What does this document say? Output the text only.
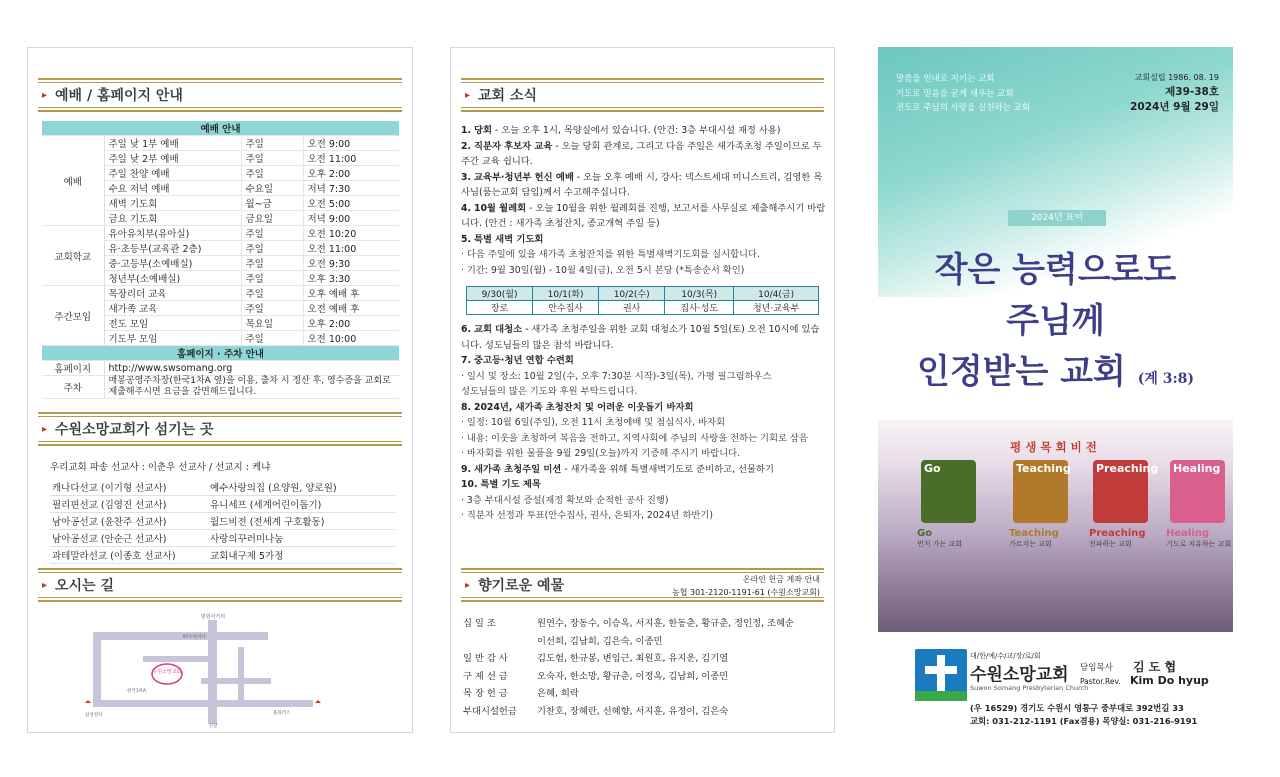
▸ 예배 / 홈페이지 안내
예배 안내			
예배	주일 낮 1부 예배	주일	오전 9:00
	주일 낮 2부 예배	주일	오전 11:00
	주일 찬양 예배	주일	오후 2:00
	수요 저녁 예배	수요일	저녁 7:30
	새벽 기도회	월~금	오전 5:00
	금요 기도회	금요일	저녁 9:00
교회학교	유아유치부(유아실)	주일	오전 10:20
	유·초등부(교육관 2층)	주일	오전 11:00
	중·고등부(소예배실)	주일	오전 9:30
	청년부(소예배실)	주일	오후 3:30
주간모임	목장리더 교육	주일	오후 예배 후
	새가족 교육	주일	오전 예배 후
	전도 모임	목요일	오후 2:00
	기도부 모임	주일	오전 10:00
홈페이지 · 주차 안내			
홈페이지	http://www.swsomang.org		
주차	매봉공영주차장(한국1차A 옆)을 이용, 출차 시 정산 후, 영수증을 교회로 제출해주시면 요금을 감면해드립니다.		
▸ 수원소망교회가 섬기는 곳
우리교회 파송 선교사 : 이춘우 선교사 / 선교지 : 케냐
캐나다선교 (이기형 선교사)	예수사랑의집 (요양원, 양로원)
필리핀선교 (김영진 선교사)	유니세프 (세계어린이돕기)
남아공선교 (윤찬주 선교사)	월드비전 (전세계 구호활동)
남아공선교 (안순근 선교사)	사랑의꾸러미나눔
과테말라선교 (이종호 선교사)	교회내구제 5가정
▸ 오시는 길
수원소망교회
방원사거리
KT수원지사
한국1차A
삼성전자
신갈
홈플러스
▸ 교회 소식
1. 당회 - 오늘 오후 1시, 목양실에서 있습니다. (안건: 3층 부대시설 재정 사용)
2. 직분자 후보자 교육 - 오늘 당회 관계로, 그리고 다음 주일은 새가족초청 주일이므로 두 주간 교육 쉽니다.
3. 교육부·청년부 헌신 예배 - 오늘 오후 예배 시, 강사: 넥스트세대 미니스트리, 김영한 목사님(품는교회 담임)께서 수고해주십니다.
4. 10월 월례회 - 오늘 10월을 위한 월례회를 진행, 보고서를 사무실로 제출해주시기 바랍니다. (안건 : 새가족 초청잔치, 종교개혁 주일 등)
5. 특별 새벽 기도회
· 다음 주일에 있을 새가족 초청잔치를 위한 특별새벽기도회를 실시합니다.
· 기간: 9월 30일(월) - 10월 4일(금), 오전 5시 본당 (*특송순서 확인)
9/30(월)	10/1(화)	10/2(수)	10/3(목)	10/4(금)
장로	안수집사	권사	집사·성도	청년·교육부
6. 교회 대청소 - 새가족 초청주일을 위한 교회 대청소가 10월 5일(토) 오전 10시에 있습니다. 성도님들의 많은 참석 바랍니다.
7. 중고등·청년 연합 수련회
· 일시 및 장소: 10월 2일(수, 오후 7:30분 시작)-3일(목), 가평 필그림하우스
성도님들의 많은 기도와 후원 부탁드립니다.
8. 2024년, 새가족 초청잔치 및 어려운 이웃돕기 바자회
· 일정: 10월 6일(주일), 오전 11시 초청예배 및 점심식사, 바자회
· 내용: 이웃을 초청하여 복음을 전하고, 지역사회에 주님의 사랑을 전하는 기회로 삼음
· 바자회를 위한 물품을 9월 29일(오늘)까지 기증해 주시기 바랍니다.
9. 새가족 초청주일 미션 - 새가족을 위해 특별새벽기도로 준비하고, 선물하기
10. 특별 기도 제목
· 3층 부대시설 증설(재정 확보와 순적한 공사 진행)
· 직분자 선정과 투표(안수집사, 권사, 은퇴자, 2024년 하반기)
▸ 향기로운 예물	온라인 헌금 계좌 안내
농협 301-2120-1191-61 (수원소망교회)
십 일 조	원연수, 장동수, 이승옥, 서지훈, 한동춘, 황규춘, 정인정, 조혜순
이선희, 김남희, 김은숙, 이종민
일 반 감 사	김도험, 한규봉, 변임근, 최원호, 유지운, 김기열
구 제 선 금	오숙자, 한소망, 황규춘, 이정옥, 김남희, 이종민
목 장 헌 금	은혜, 희락
부대시설헌금	기찬호, 장혜란, 신혜향, 서지훈, 유정이, 김은숙
말씀을 인내로 지키는 교회
기도로 믿음을 굳게 세우는 교회
전도로 주님의 사랑을 실천하는 교회
교회설립 1986. 08. 19
제39-38호
2024년 9월 29일
2024년 표어
작은 능력으로도
주님께
인정받는 교회 (계 3:8)
평생목회비전
Go
Go
먼저 가는 교회
Teaching
Teaching
가르치는 교회
Preaching
Preaching
전파하는 교회
Healing
Healing
기도로 치유하는 교회
대/한/예/수/교/장/로/회
수원소망교회
Suwon Somang Presbyterian Church
담임목사 김 도 협
Pastor.Rev. Kim Do hyup
(우 16529) 경기도 수원시 영통구 중부대로 392번길 33
교회: 031-212-1191 (Fax겸용) 목양실: 031-216-9191
